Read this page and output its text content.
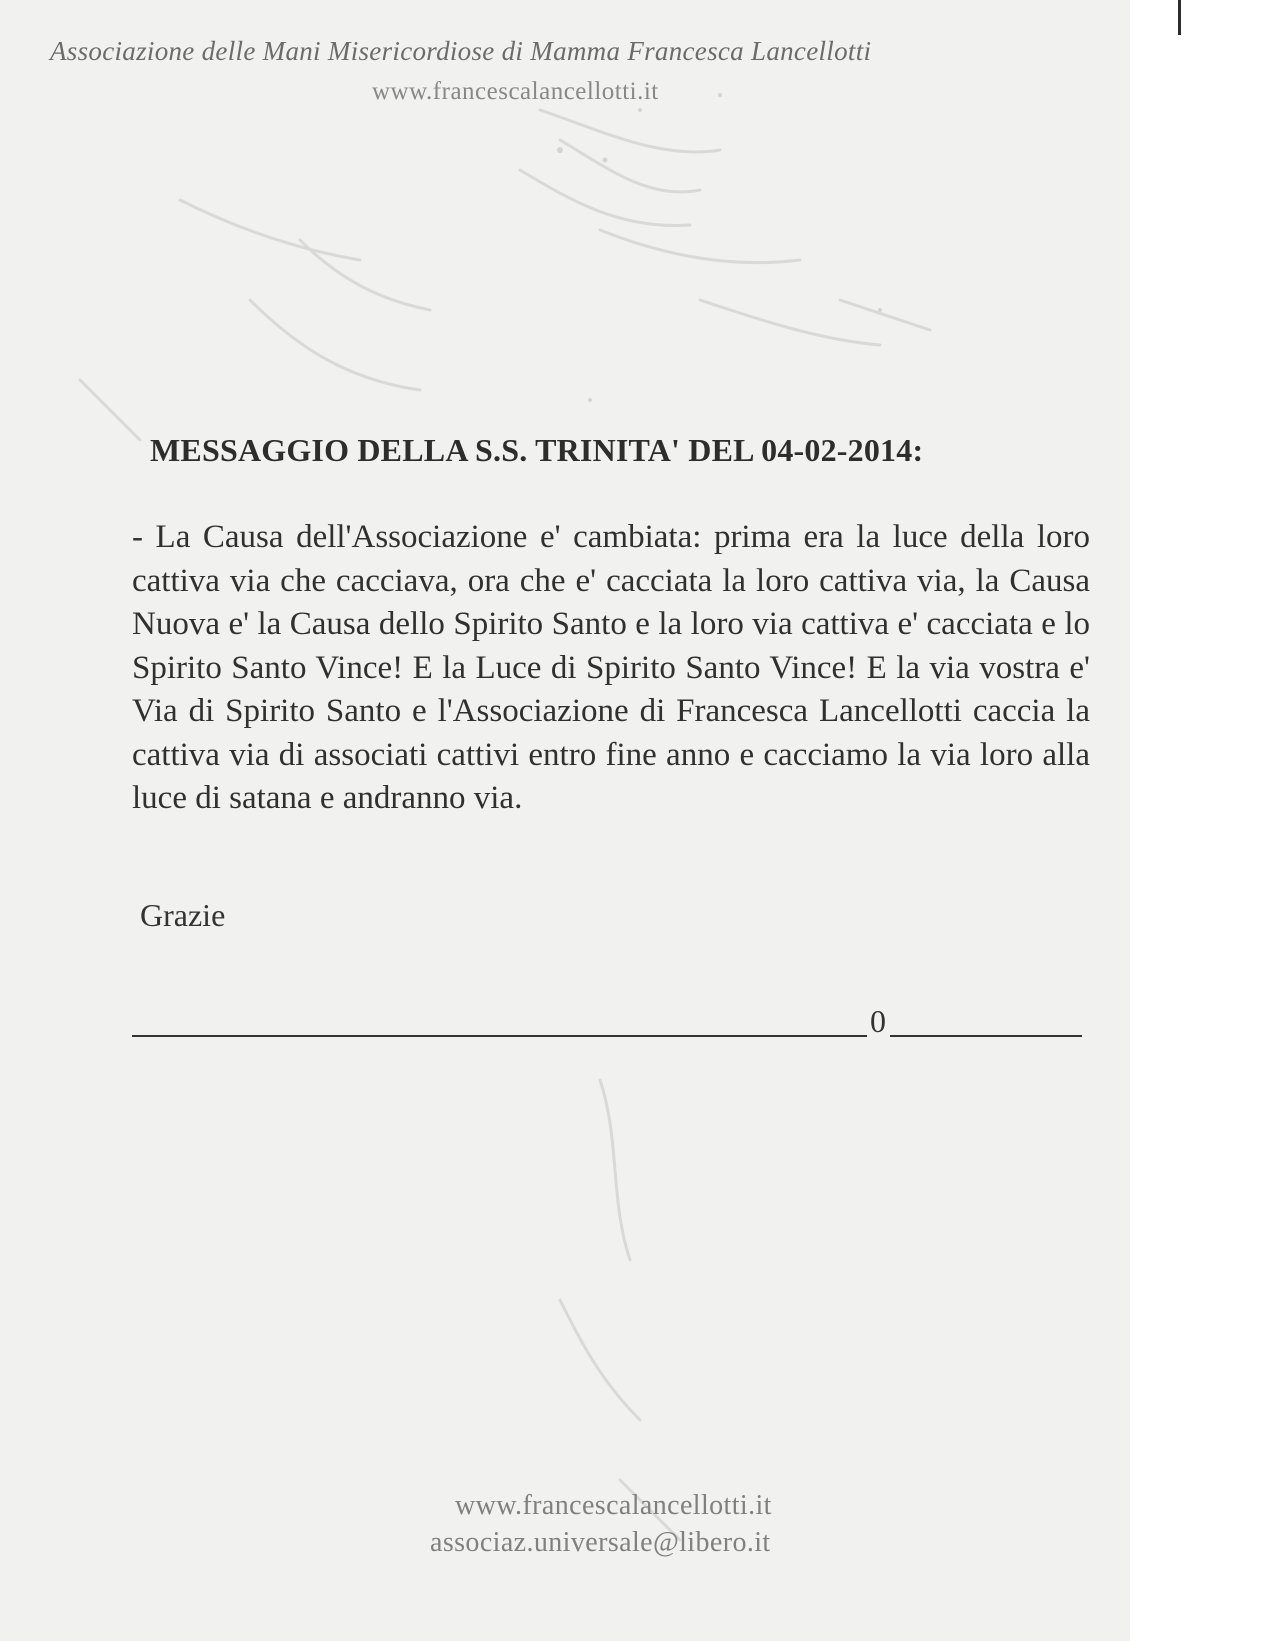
Associazione delle Mani Misericordiose di Mamma Francesca Lancellotti
www.francescalancellotti.it
MESSAGGIO DELLA S.S. TRINITA' DEL 04-02-2014:
- La Causa dell'Associazione e' cambiata: prima era la luce della loro cattiva via che cacciava, ora che e' cacciata la loro cattiva via, la Causa Nuova e' la Causa dello Spirito Santo e la loro via cattiva e' cacciata e lo Spirito Santo Vince! E la Luce di Spirito Santo Vince! E la via vostra e' Via di Spirito Santo e l'Associazione di Francesca Lancellotti caccia la cattiva via di associati cattivi entro fine anno e cacciamo la via loro alla luce di satana e andranno via.
Grazie
0
www.francescalancellotti.it
associaz.universale@libero.it
